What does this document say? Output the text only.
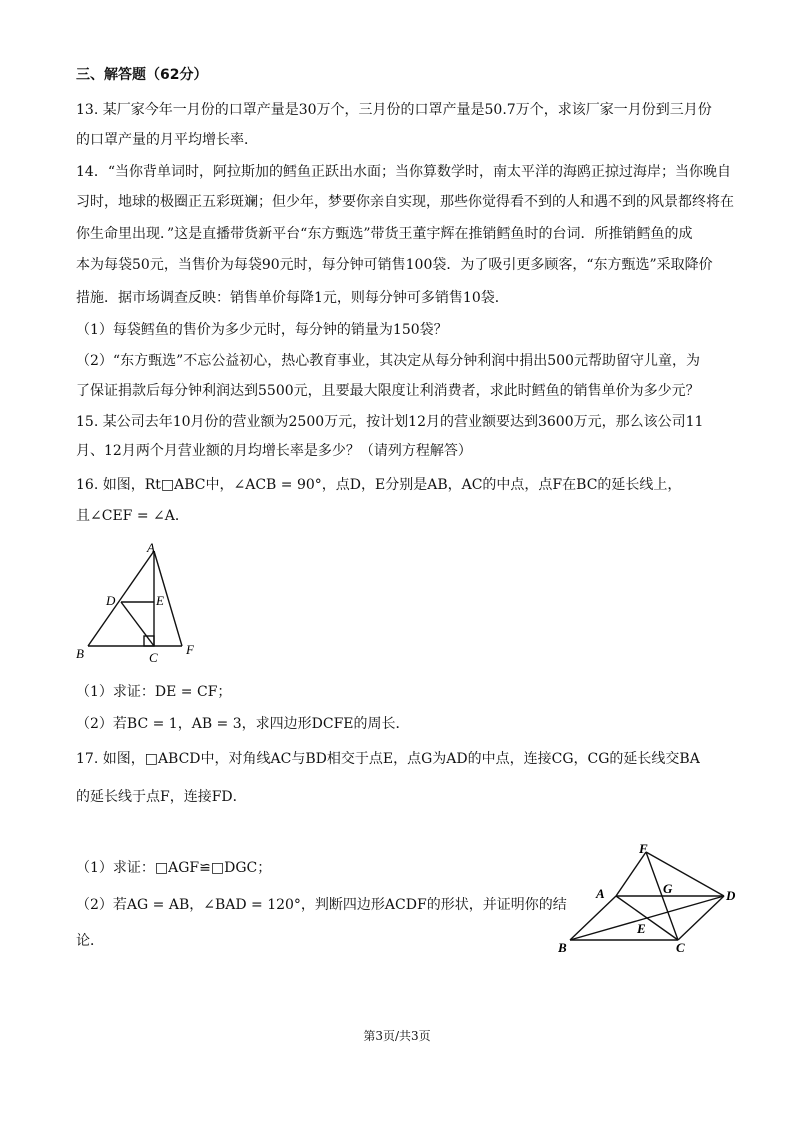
三、解答题（62分）
13. 某厂家今年一月份的口罩产量是30万个，三月份的口罩产量是50.7万个，求该厂家一月份到三月份
的口罩产量的月平均增长率．
14．“当你背单词时，阿拉斯加的鳕鱼正跃出水面；当你算数学时，南太平洋的海鸥正掠过海岸；当你晚自
习时，地球的极圈正五彩斑斓；但少年，梦要你亲自实现，那些你觉得看不到的人和遇不到的风景都终将在
你生命里出现．”这是直播带货新平台“东方甄选”带货王董宇辉在推销鳕鱼时的台词．所推销鳕鱼的成
本为每袋50元，当售价为每袋90元时，每分钟可销售100袋．为了吸引更多顾客，“东方甄选”采取降价
措施．据市场调查反映：销售单价每降1元，则每分钟可多销售10袋．
（1）每袋鳕鱼的售价为多少元时，每分钟的销量为150袋？
（2）“东方甄选”不忘公益初心，热心教育事业，其决定从每分钟利润中捐出500元帮助留守儿童，为
了保证捐款后每分钟利润达到5500元，且要最大限度让利消费者，求此时鳕鱼的销售单价为多少元？
15. 某公司去年10月份的营业额为2500万元，按计划12月的营业额要达到3600万元，那么该公司11
月、12月两个月营业额的月均增长率是多少？（请列方程解答）
16. 如图，Rt□ABC中，∠ACB = 90°，点D，E分别是AB，AC的中点，点F在BC的延长线上，
且∠CEF = ∠A．
A
D	E
B	C
F
（1）求证：DE = CF；
（2）若BC = 1，AB = 3，求四边形DCFE的周长．
17. 如图，□ABCD中，对角线AC与BD相交于点E，点G为AD的中点，连接CG，CG的延长线交BA
的延长线于点F，连接FD．
（1）求证：□AGF≌□DGC；
（2）若AG = AB，∠BAD = 120°，判断四边形ACDF的形状，并证明你的结
论．
F
A	G	D
E
B	C
第3页/共3页
